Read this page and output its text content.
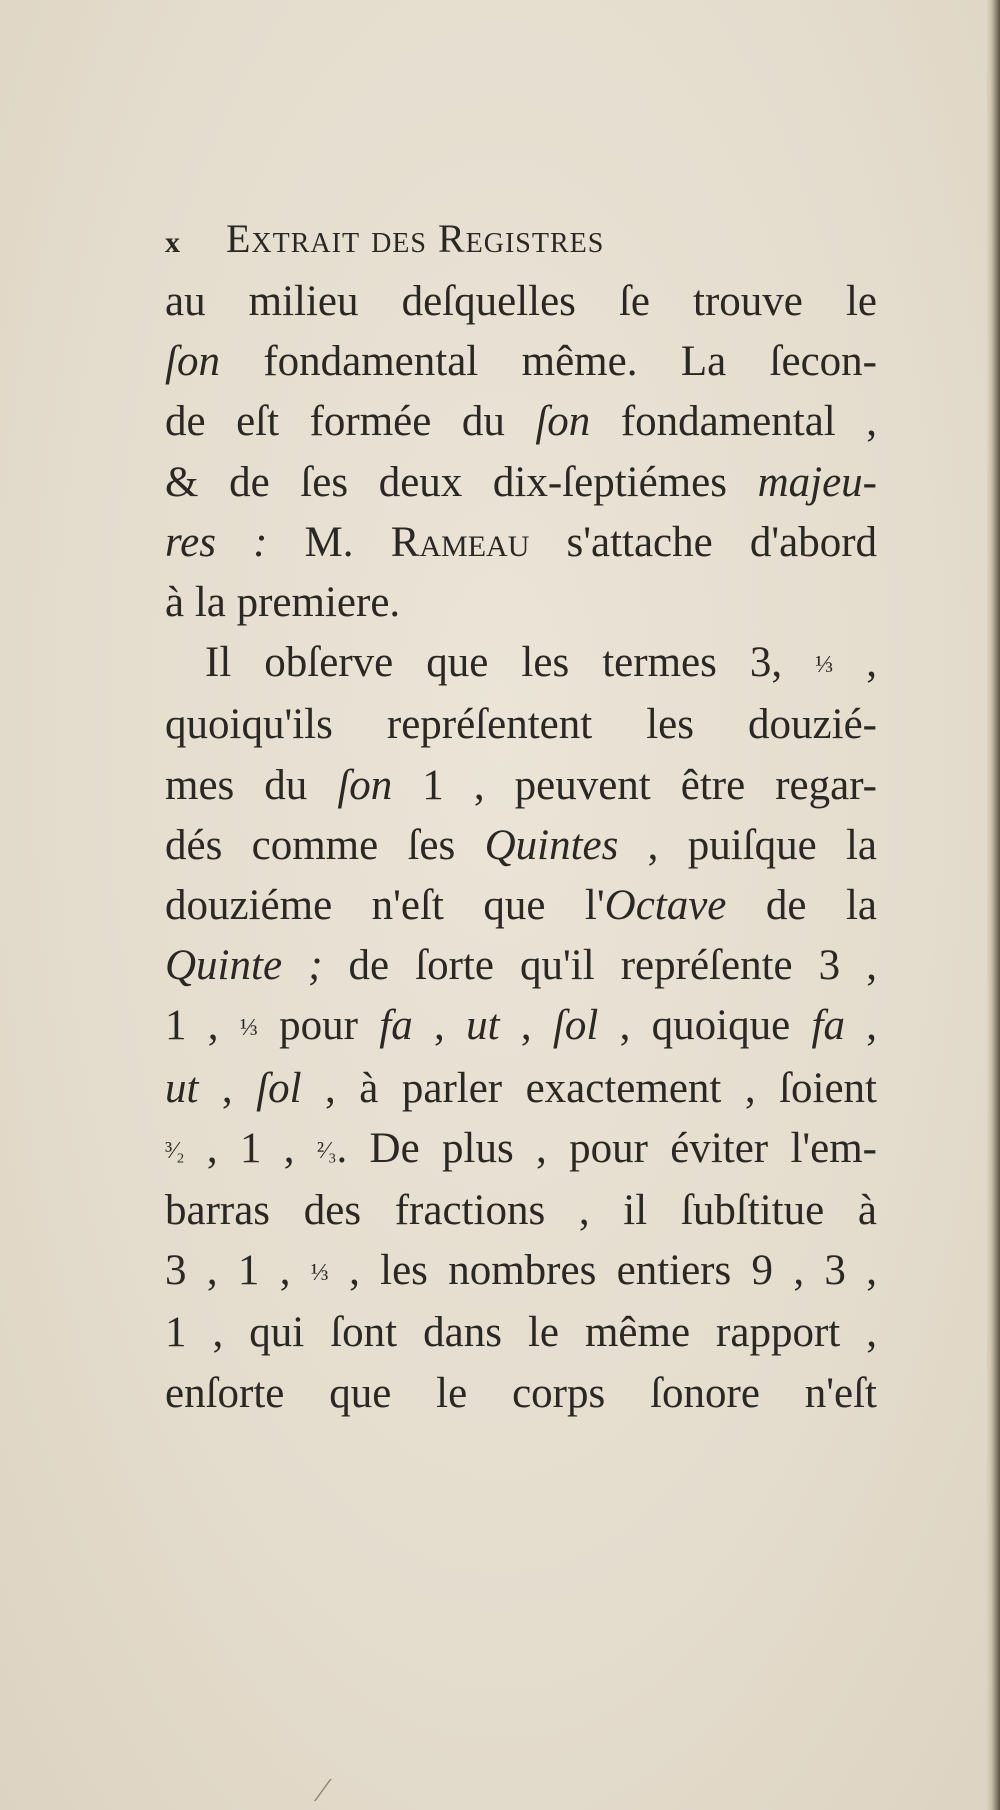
x Extrait des Registres
au milieu deſquelles ſe trouve le
ſon fondamental même. La ſecon-
de eſt formée du ſon fondamental ,
& de ſes deux dix-ſeptiémes majeu-
res : M. Rameau s'attache d'abord
à la premiere.
Il obſerve que les termes 3, ⅓ ,
quoiqu'ils repréſentent les douzié-
mes du ſon 1 , peuvent être regar-
dés comme ſes Quintes , puiſque la
douziéme n'eſt que l'Octave de la
Quinte ; de ſorte qu'il repréſente 3 ,
1 , ⅓ pour fa , ut , ſol , quoique fa ,
ut , ſol , à parler exactement , ſoient
³⁄₂ , 1 , ²⁄₃. De plus , pour éviter l'em-
barras des fractions , il ſubſtitue à
3 , 1 , ⅓ , les nombres entiers 9 , 3 ,
1 , qui ſont dans le même rapport ,
enſorte que le corps ſonore n'eſt
⁄
